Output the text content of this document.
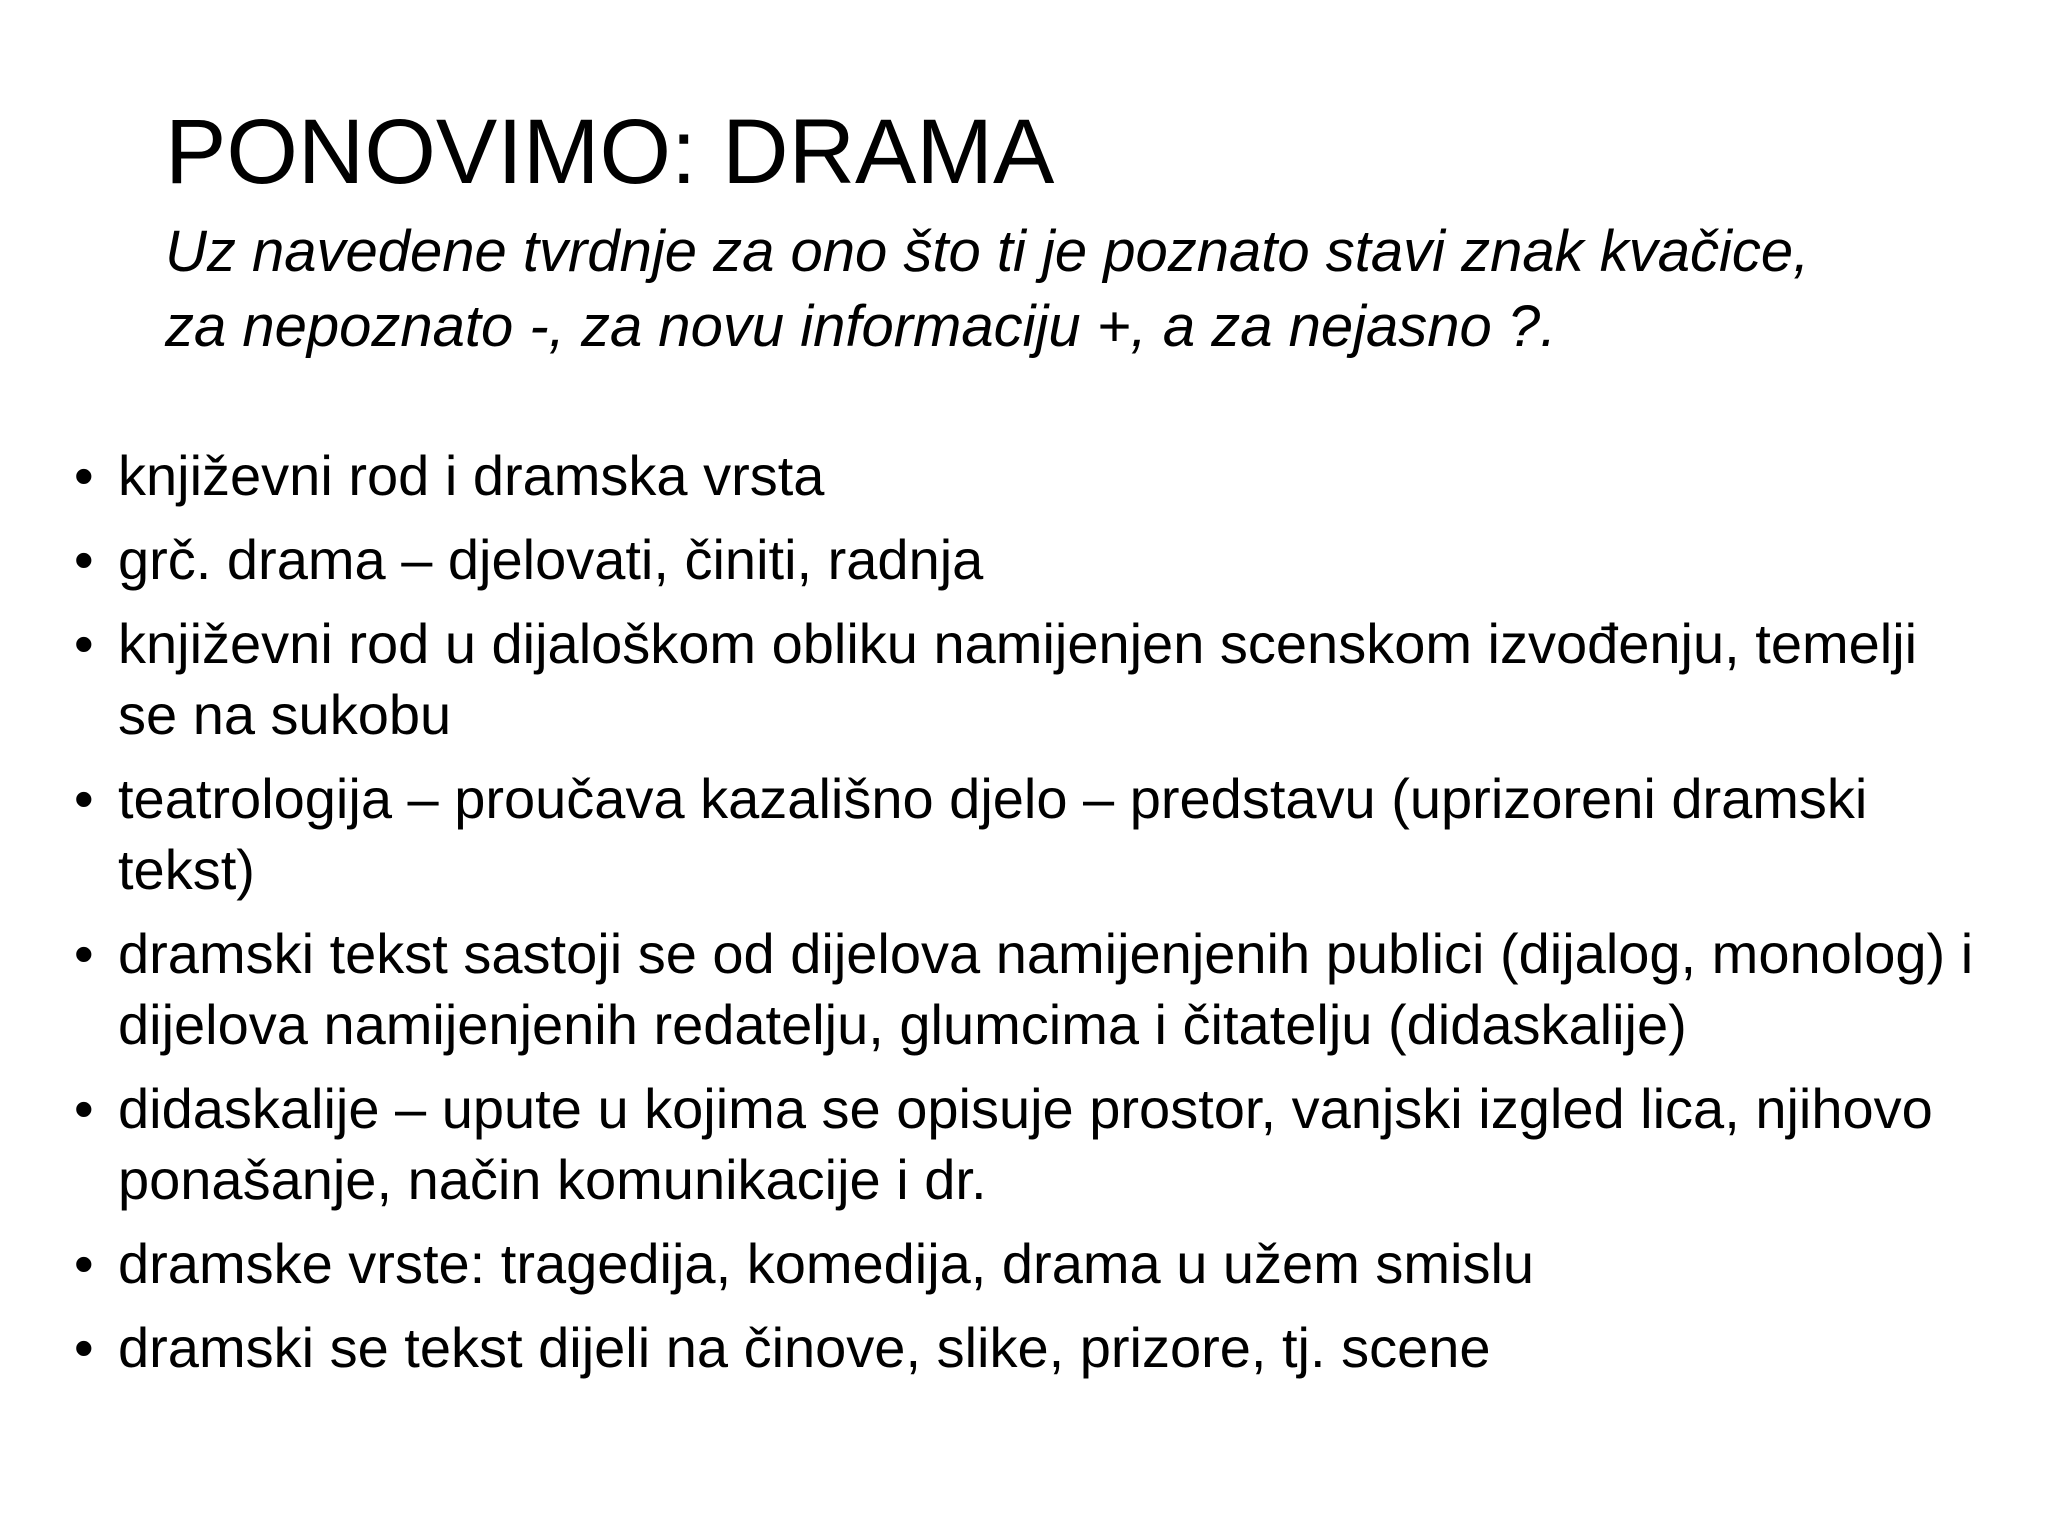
PONOVIMO: DRAMA
Uz navedene tvrdnje za ono što ti je poznato stavi znak kvačice,
za nepoznato -, za novu informaciju +, a za nejasno ?.
• književni rod i dramska vrsta
• grč. drama – djelovati, činiti, radnja
• književni rod u dijaloškom obliku namijenjen scenskom izvođenju, temelji se na sukobu
• teatrologija – proučava kazališno djelo – predstavu (uprizoreni dramski tekst)
• dramski tekst sastoji se od dijelova namijenjenih publici (dijalog, monolog) i dijelova namijenjenih redatelju, glumcima i čitatelju (didaskalije)
• didaskalije – upute u kojima se opisuje prostor, vanjski izgled lica, njihovo ponašanje, način komunikacije i dr.
• dramske vrste: tragedija, komedija, drama u užem smislu
• dramski se tekst dijeli na činove, slike, prizore, tj. scene
